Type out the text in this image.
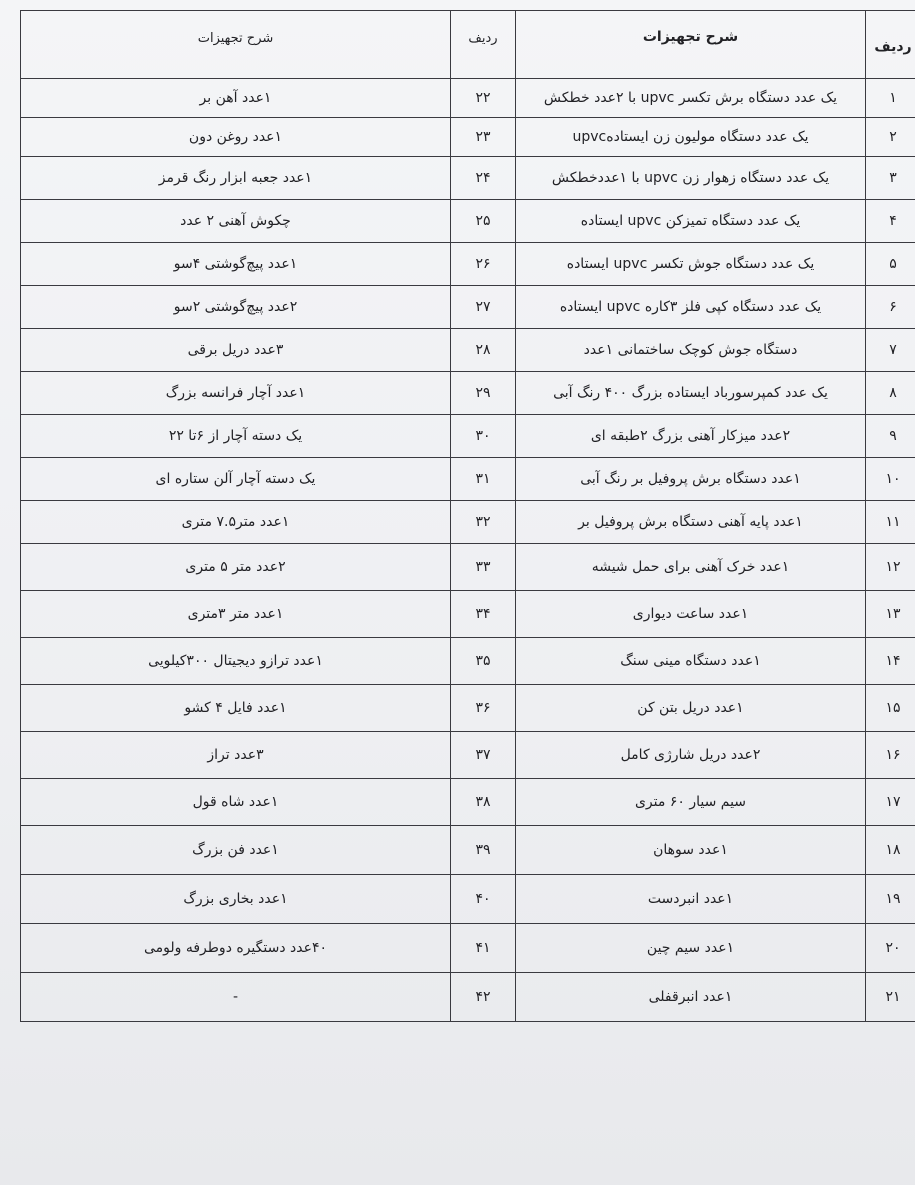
ردیف	شرح تجهیزات	ردیف	شرح تجهیزات
۱	یک عدد دستگاه برش تکسر upvc با ۲عدد خطکش	۲۲	۱عدد آهن بر
۲	یک عدد دستگاه مولیون زن ایستادهupvc	۲۳	۱عدد روغن دون
۳	یک عدد دستگاه زهوار زن upvc با ۱عددخطکش	۲۴	۱عدد جعبه ابزار رنگ قرمز
۴	یک عدد دستگاه تمیزکن upvc ایستاده	۲۵	چکوش آهنی ۲ عدد
۵	یک عدد دستگاه جوش تکسر upvc ایستاده	۲۶	۱عدد پیچ‌گوشتی ۴سو
۶	یک عدد دستگاه کپی فلز ۳کاره upvc ایستاده	۲۷	۲عدد پیچ‌گوشتی ۲سو
۷	دستگاه جوش کوچک ساختمانی ۱عدد	۲۸	۳عدد دریل برقی
۸	یک عدد کمپرسورباد ایستاده بزرگ ۴۰۰ رنگ آبی	۲۹	۱عدد آچار فرانسه بزرگ
۹	۲عدد میزکار آهنی بزرگ ۲طبقه ای	۳۰	یک دسته آچار از ۶تا ۲۲
۱۰	۱عدد دستگاه برش پروفیل بر رنگ آبی	۳۱	یک دسته آچار آلن ستاره ای
۱۱	۱عدد پایه آهنی دستگاه برش پروفیل بر	۳۲	۱عدد متر۷.۵ متری
۱۲	۱عدد خرک آهنی برای حمل شیشه	۳۳	۲عدد متر ۵ متری
۱۳	۱عدد ساعت دیواری	۳۴	۱عدد متر ۳متری
۱۴	۱عدد دستگاه مینی سنگ	۳۵	۱عدد ترازو دیجیتال ۳۰۰کیلویی
۱۵	۱عدد دریل بتن کن	۳۶	۱عدد فایل ۴ کشو
۱۶	۲عدد دریل شارژی کامل	۳۷	۳عدد تراز
۱۷	سیم سیار ۶۰ متری	۳۸	۱عدد شاه قول
۱۸	۱عدد سوهان	۳۹	۱عدد فن بزرگ
۱۹	۱عدد انبردست	۴۰	۱عدد بخاری بزرگ
۲۰	۱عدد سیم چین	۴۱	۴۰عدد دستگیره دوطرفه ولومی
۲۱	۱عدد انبرقفلی	۴۲	-
